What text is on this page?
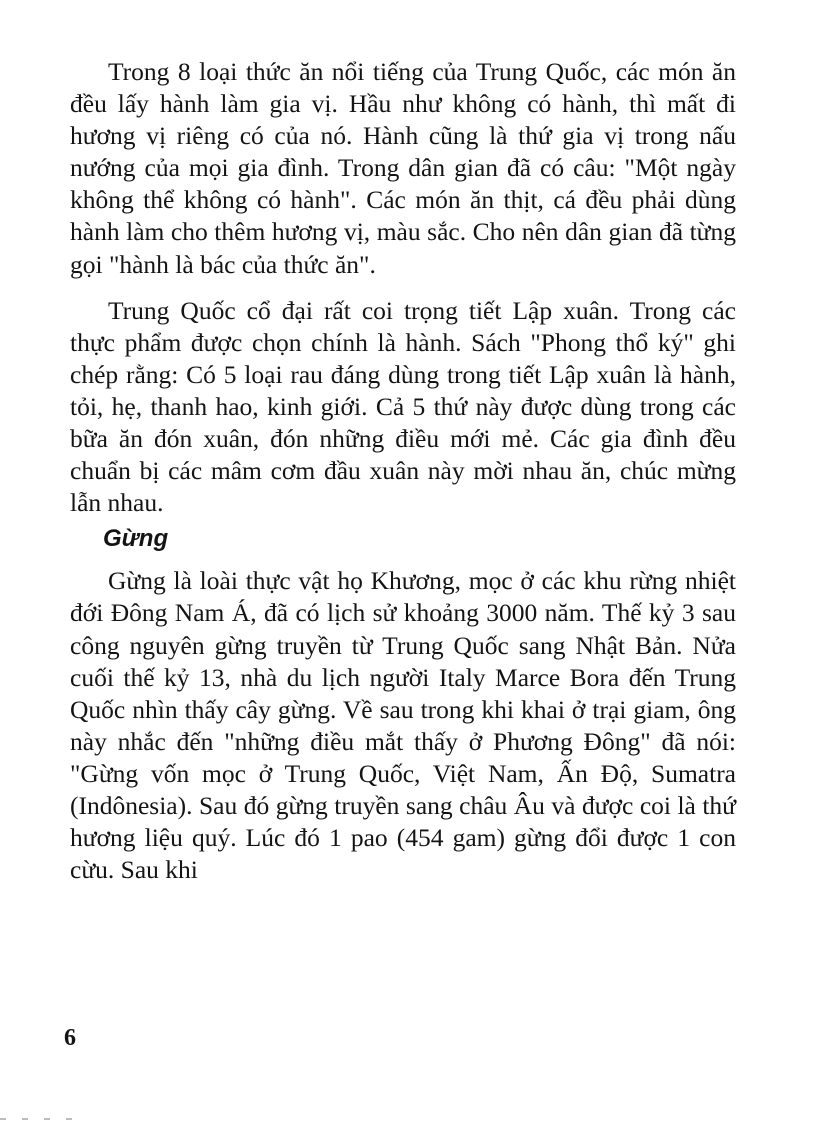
Trong 8 loại thức ăn nổi tiếng của Trung Quốc, các món ăn đều lấy hành làm gia vị. Hầu như không có hành, thì mất đi hương vị riêng có của nó. Hành cũng là thứ gia vị trong nấu nướng của mọi gia đình. Trong dân gian đã có câu: "Một ngày không thể không có hành". Các món ăn thịt, cá đều phải dùng hành làm cho thêm hương vị, màu sắc. Cho nên dân gian đã từng gọi "hành là bác của thức ăn".

Trung Quốc cổ đại rất coi trọng tiết Lập xuân. Trong các thực phẩm được chọn chính là hành. Sách "Phong thổ ký" ghi chép rằng: Có 5 loại rau đáng dùng trong tiết Lập xuân là hành, tỏi, hẹ, thanh hao, kinh giới. Cả 5 thứ này được dùng trong các bữa ăn đón xuân, đón những điều mới mẻ. Các gia đình đều chuẩn bị các mâm cơm đầu xuân này mời nhau ăn, chúc mừng lẫn nhau.

Gừng

Gừng là loài thực vật họ Khương, mọc ở các khu rừng nhiệt đới Đông Nam Á, đã có lịch sử khoảng 3000 năm. Thế kỷ 3 sau công nguyên gừng truyền từ Trung Quốc sang Nhật Bản. Nửa cuối thế kỷ 13, nhà du lịch người Italy Marce Bora đến Trung Quốc nhìn thấy cây gừng. Về sau trong khi khai ở trại giam, ông này nhắc đến "những điều mắt thấy ở Phương Đông" đã nói: "Gừng vốn mọc ở Trung Quốc, Việt Nam, Ấn Độ, Sumatra (Indônesia). Sau đó gừng truyền sang châu Âu và được coi là thứ hương liệu quý. Lúc đó 1 pao (454 gam) gừng đổi được 1 con cừu. Sau khi

6
